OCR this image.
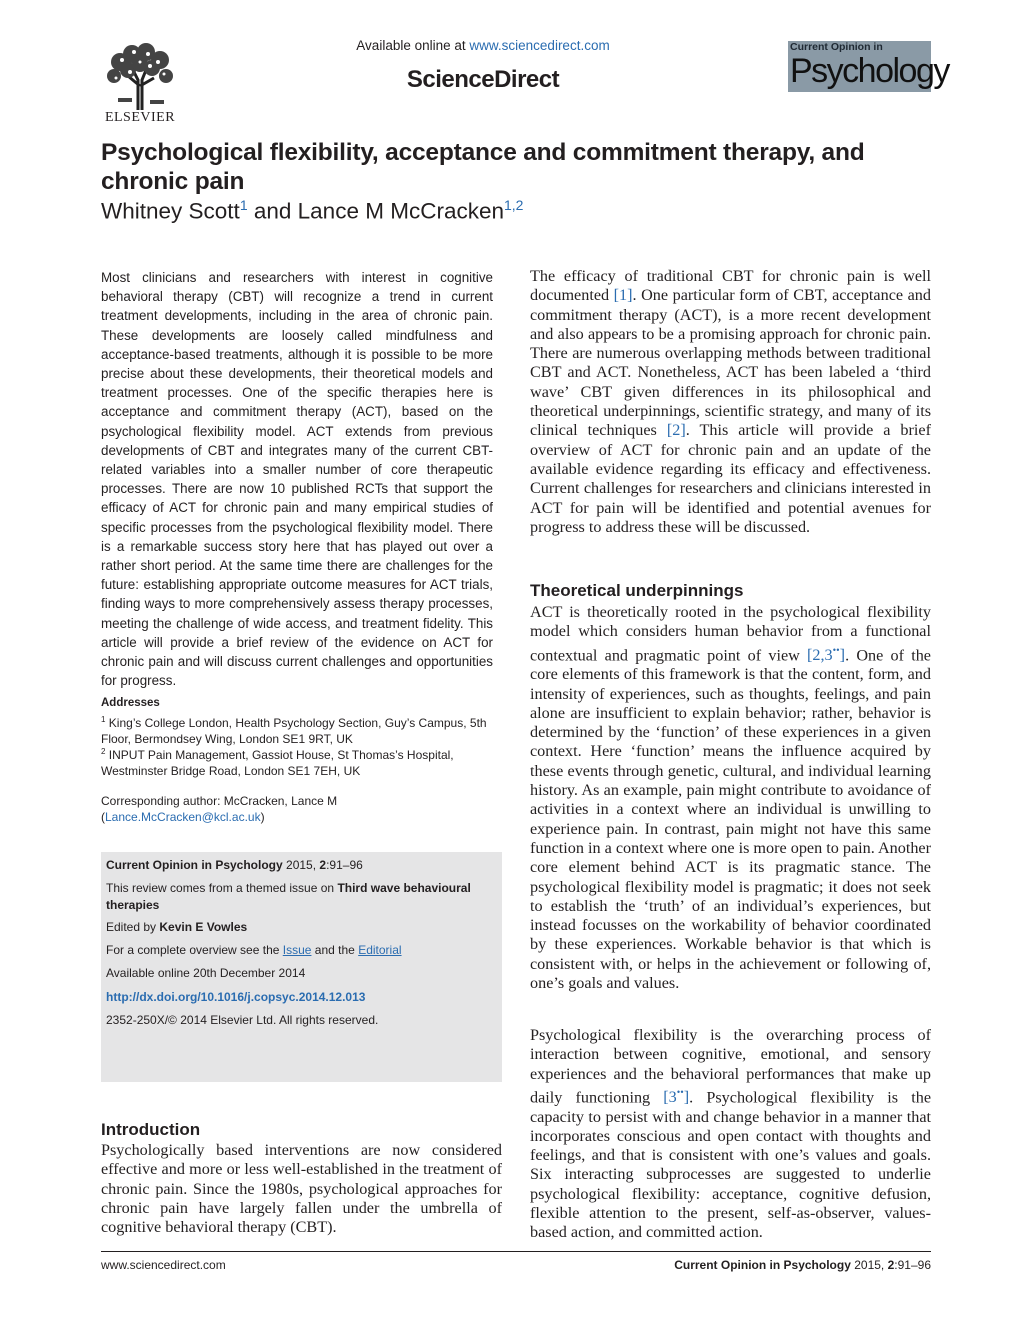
ELSEVIER
Available online at www.sciencedirect.com
ScienceDirect
Current Opinion in
Psychology
Psychological flexibility, acceptance and commitment therapy, and chronic pain
Whitney Scott$^1$ and Lance M McCracken$^{1,2}$
Most clinicians and researchers with interest in cognitive behavioral therapy (CBT) will recognize a trend in current treatment developments, including in the area of chronic pain. These developments are loosely called mindfulness and acceptance-based treatments, although it is possible to be more precise about these developments, their theoretical models and treatment processes. One of the specific therapies here is acceptance and commitment therapy (ACT), based on the psychological flexibility model. ACT extends from previous developments of CBT and integrates many of the current CBT-related variables into a smaller number of core therapeutic processes. There are now 10 published RCTs that support the efficacy of ACT for chronic pain and many empirical studies of specific processes from the psychological flexibility model. There is a remarkable success story here that has played out over a rather short period. At the same time there are challenges for the future: establishing appropriate outcome measures for ACT trials, finding ways to more comprehensively assess therapy processes, meeting the challenge of wide access, and treatment fidelity. This article will provide a brief review of the evidence on ACT for chronic pain and will discuss current challenges and opportunities for progress.
Addresses
$^1$ King’s College London, Health Psychology Section, Guy’s Campus, 5th Floor, Bermondsey Wing, London SE1 9RT, UK
$^2$ INPUT Pain Management, Gassiot House, St Thomas’s Hospital, Westminster Bridge Road, London SE1 7EH, UK
Corresponding author: McCracken, Lance M
(Lance.McCracken@kcl.ac.uk)
Current Opinion in Psychology 2015, 2:91–96
This review comes from a themed issue on Third wave behavioural therapies
Edited by Kevin E Vowles
For a complete overview see the Issue and the Editorial
Available online 20th December 2014
http://dx.doi.org/10.1016/j.copsyc.2014.12.013
2352-250X/© 2014 Elsevier Ltd. All rights reserved.
Introduction
Psychologically based interventions are now considered effective and more or less well-established in the treatment of chronic pain. Since the 1980s, psychological approaches for chronic pain have largely fallen under the umbrella of cognitive behavioral therapy (CBT).
The efficacy of traditional CBT for chronic pain is well documented [1]. One particular form of CBT, acceptance and commitment therapy (ACT), is a more recent development and also appears to be a promising approach for chronic pain. There are numerous overlapping methods between traditional CBT and ACT. Nonetheless, ACT has been labeled a ‘third wave’ CBT given differences in its philosophical and theoretical underpinnings, scientific strategy, and many of its clinical techniques [2]. This article will provide a brief overview of ACT for chronic pain and an update of the available evidence regarding its efficacy and effectiveness. Current challenges for researchers and clinicians interested in ACT for pain will be identified and potential avenues for progress to address these will be discussed.
Theoretical underpinnings
ACT is theoretically rooted in the psychological flexibility model which considers human behavior from a functional contextual and pragmatic point of view [2,3••]. One of the core elements of this framework is that the content, form, and intensity of experiences, such as thoughts, feelings, and pain alone are insufficient to explain behavior; rather, behavior is determined by the ‘function’ of these experiences in a given context. Here ‘function’ means the influence acquired by these events through genetic, cultural, and individual learning history. As an example, pain might contribute to avoidance of activities in a context where an individual is unwilling to experience pain. In contrast, pain might not have this same function in a context where one is more open to pain. Another core element behind ACT is its pragmatic stance. The psychological flexibility model is pragmatic; it does not seek to establish the ‘truth’ of an individual’s experiences, but instead focusses on the workability of behavior coordinated by these experiences. Workable behavior is that which is consistent with, or helps in the achievement or following of, one’s goals and values.
Psychological flexibility is the overarching process of interaction between cognitive, emotional, and sensory experiences and the behavioral performances that make up daily functioning [3••]. Psychological flexibility is the capacity to persist with and change behavior in a manner that incorporates conscious and open contact with thoughts and feelings, and that is consistent with one’s values and goals. Six interacting subprocesses are suggested to underlie psychological flexibility: acceptance, cognitive defusion, flexible attention to the present, self-as-observer, values-based action, and committed action.
www.sciencedirect.com	Current Opinion in Psychology 2015, 2:91–96
